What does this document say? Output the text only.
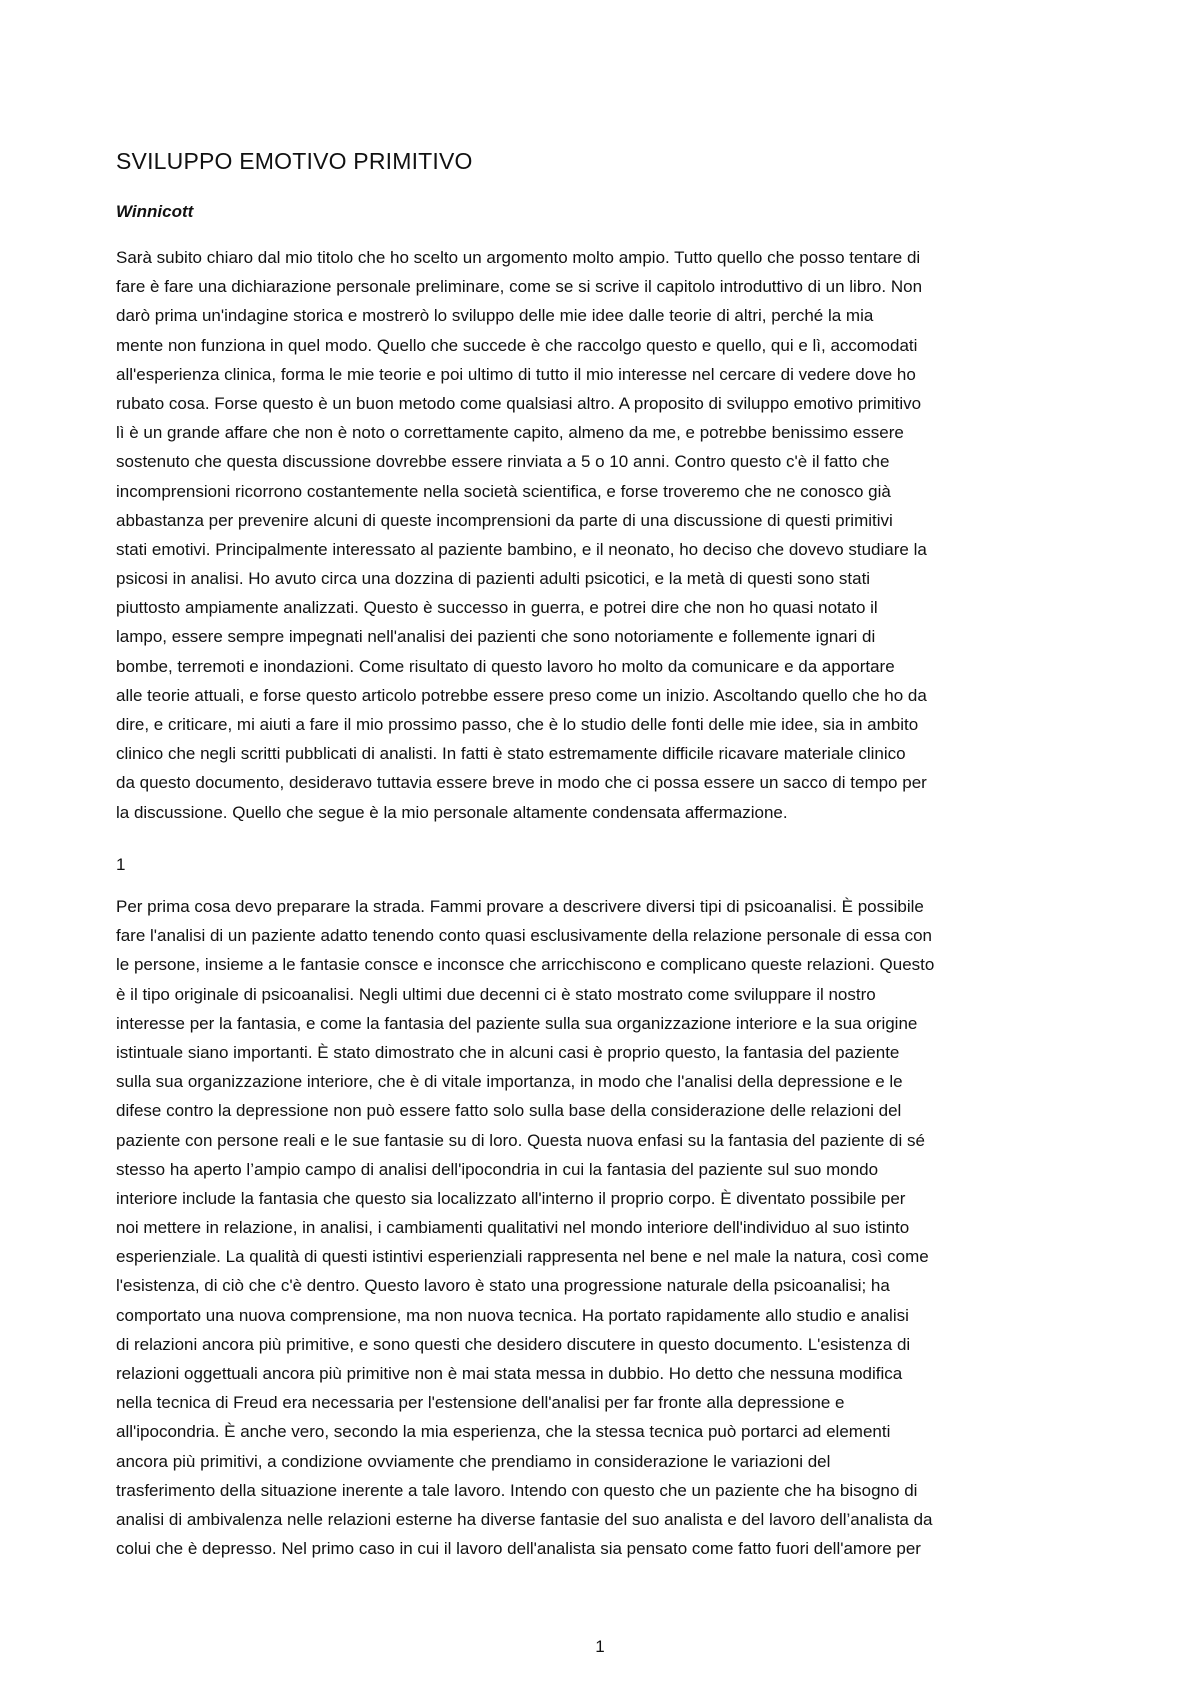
SVILUPPO EMOTIVO PRIMITIVO

Winnicott

Sarà subito chiaro dal mio titolo che ho scelto un argomento molto ampio. Tutto quello che posso tentare di
fare è fare una dichiarazione personale preliminare, come se si scrive il capitolo introduttivo di un libro. Non
darò prima un'indagine storica e mostrerò lo sviluppo delle mie idee dalle teorie di altri, perché la mia
mente non funziona in quel modo. Quello che succede è che raccolgo questo e quello, qui e lì, accomodati
all'esperienza clinica, forma le mie teorie e poi ultimo di tutto il mio interesse nel cercare di vedere dove ho
rubato cosa. Forse questo è un buon metodo come qualsiasi altro. A proposito di sviluppo emotivo primitivo
lì è un grande affare che non è noto o correttamente capito, almeno da me, e potrebbe benissimo essere
sostenuto che questa discussione dovrebbe essere rinviata a 5 o 10 anni. Contro questo c'è il fatto che
incomprensioni ricorrono costantemente nella società scientifica, e forse troveremo che ne conosco già
abbastanza per prevenire alcuni di queste incomprensioni da parte di una discussione di questi primitivi
stati emotivi. Principalmente interessato al paziente bambino, e il neonato, ho deciso che dovevo studiare la
psicosi in analisi. Ho avuto circa una dozzina di pazienti adulti psicotici, e la metà di questi sono stati
piuttosto ampiamente analizzati. Questo è successo in guerra, e potrei dire che non ho quasi notato il
lampo, essere sempre impegnati nell'analisi dei pazienti che sono notoriamente e follemente ignari di
bombe, terremoti e inondazioni. Come risultato di questo lavoro ho molto da comunicare e da apportare
alle teorie attuali, e forse questo articolo potrebbe essere preso come un inizio. Ascoltando quello che ho da
dire, e criticare, mi aiuti a fare il mio prossimo passo, che è lo studio delle fonti delle mie idee, sia in ambito
clinico che negli scritti pubblicati di analisti. In fatti è stato estremamente difficile ricavare materiale clinico
da questo documento, desideravo tuttavia essere breve in modo che ci possa essere un sacco di tempo per
la discussione. Quello che segue è la mio personale altamente condensata affermazione.

1

Per prima cosa devo preparare la strada. Fammi provare a descrivere diversi tipi di psicoanalisi. È possibile
fare l'analisi di un paziente adatto tenendo conto quasi esclusivamente della relazione personale di essa con
le persone, insieme a le fantasie consce e inconsce che arricchiscono e complicano queste relazioni. Questo
è il tipo originale di psicoanalisi. Negli ultimi due decenni ci è stato mostrato come sviluppare il nostro
interesse per la fantasia, e come la fantasia del paziente sulla sua organizzazione interiore e la sua origine
istintuale siano importanti. È stato dimostrato che in alcuni casi è proprio questo, la fantasia del paziente
sulla sua organizzazione interiore, che è di vitale importanza, in modo che l'analisi della depressione e le
difese contro la depressione non può essere fatto solo sulla base della considerazione delle relazioni del
paziente con persone reali e le sue fantasie su di loro. Questa nuova enfasi su la fantasia del paziente di sé
stesso ha aperto l’ampio campo di analisi dell'ipocondria in cui la fantasia del paziente sul suo mondo
interiore include la fantasia che questo sia localizzato all'interno il proprio corpo. È diventato possibile per
noi mettere in relazione, in analisi, i cambiamenti qualitativi nel mondo interiore dell'individuo al suo istinto
esperienziale. La qualità di questi istintivi esperienziali rappresenta nel bene e nel male la natura, così come
l'esistenza, di ciò che c'è dentro. Questo lavoro è stato una progressione naturale della psicoanalisi; ha
comportato una nuova comprensione, ma non nuova tecnica. Ha portato rapidamente allo studio e analisi
di relazioni ancora più primitive, e sono questi che desidero discutere in questo documento. L'esistenza di
relazioni oggettuali ancora più primitive non è mai stata messa in dubbio. Ho detto che nessuna modifica
nella tecnica di Freud era necessaria per l'estensione dell'analisi per far fronte alla depressione e
all'ipocondria. È anche vero, secondo la mia esperienza, che la stessa tecnica può portarci ad elementi
ancora più primitivi, a condizione ovviamente che prendiamo in considerazione le variazioni del
trasferimento della situazione inerente a tale lavoro. Intendo con questo che un paziente che ha bisogno di
analisi di ambivalenza nelle relazioni esterne ha diverse fantasie del suo analista e del lavoro dell’analista da
colui che è depresso. Nel primo caso in cui il lavoro dell'analista sia pensato come fatto fuori dell'amore per

1
